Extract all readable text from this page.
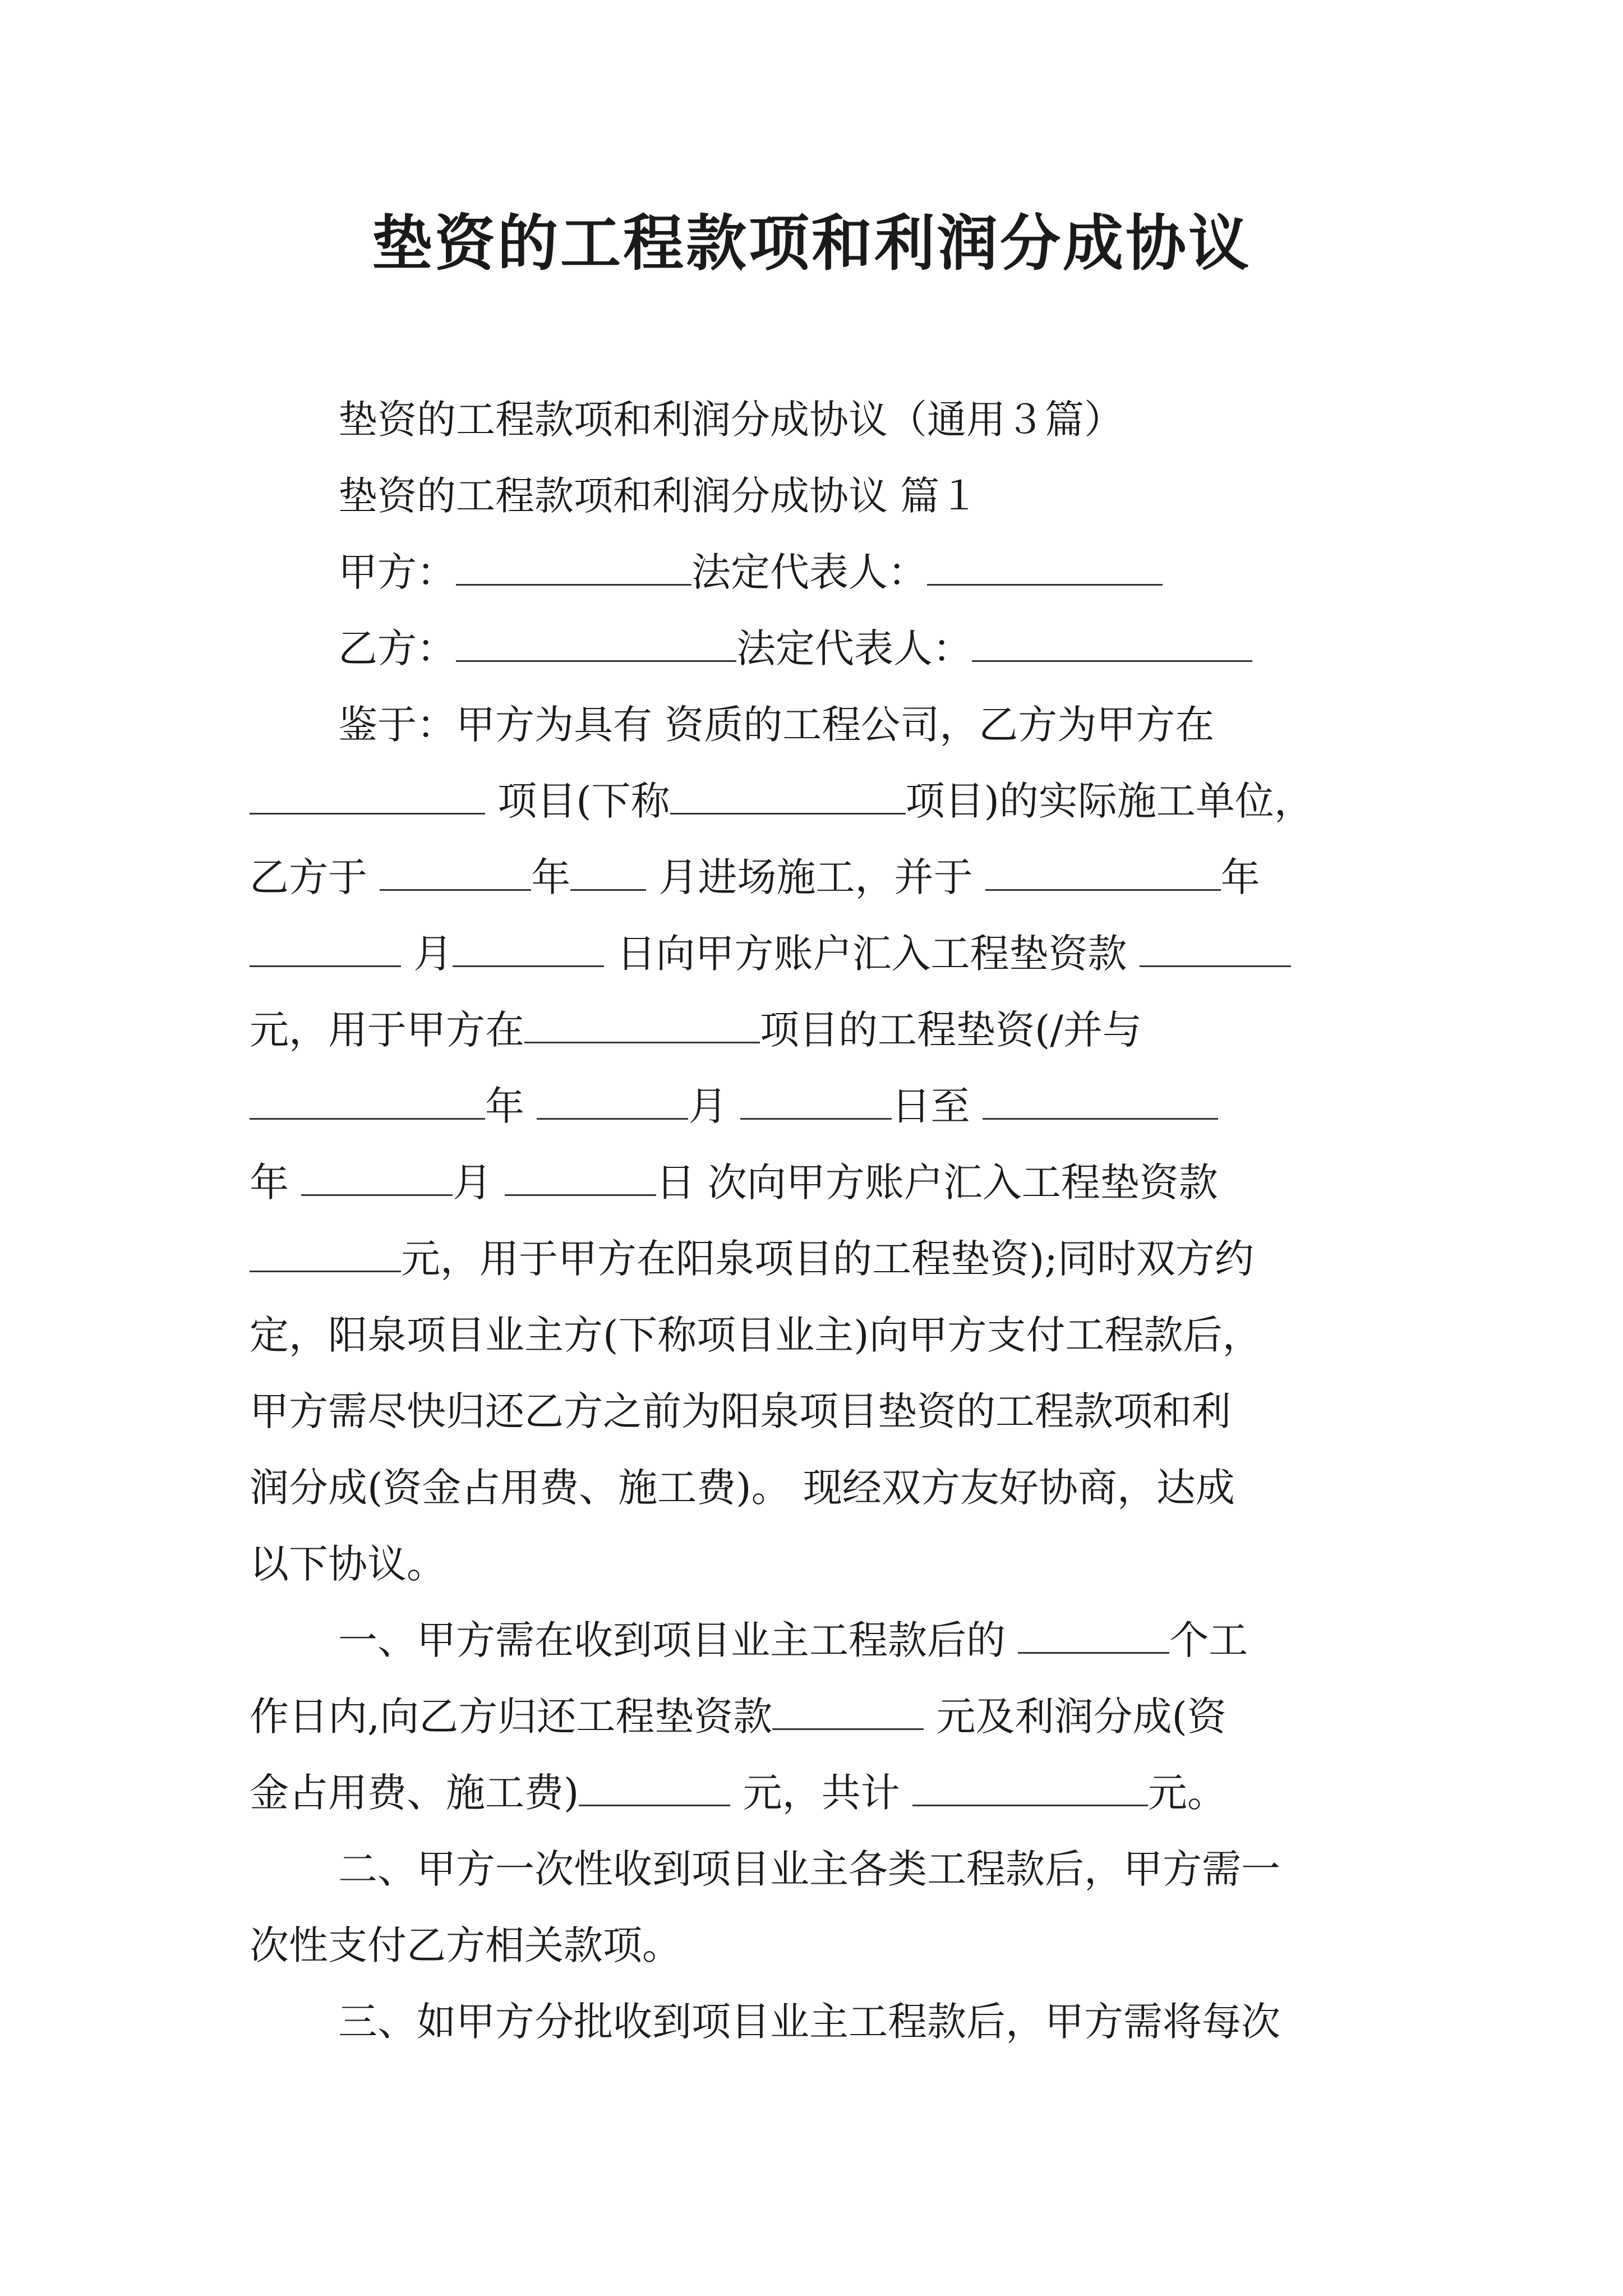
垫资的工程款项和利润分成协议
垫资的工程款项和利润分成协议（通用３篇）
垫资的工程款项和利润分成协议 篇１
甲方：	法定代表人：
乙方：	法定代表人：
鉴于：甲方为具有 资质的工程公司，乙方为甲方在
项目(下称	项目)的实际施工单位，
乙方于	年 月进场施工，并于	年
月	日向甲方账户汇入工程垫资款
元，用于甲方在	项目的工程垫资(/并与
年	月	日至
年	月	日 次向甲方账户汇入工程垫资款
元，用于甲方在阳泉项目的工程垫资);同时双方约
定，阳泉项目业主方(下称项目业主)向甲方支付工程款后，
甲方需尽快归还乙方之前为阳泉项目垫资的工程款项和利
润分成(资金占用费、施工费)。 现经双方友好协商，达成
以下协议。
一、甲方需在收到项目业主工程款后的	个工
作日内,向乙方归还工程垫资款	元及利润分成(资
金占用费、施工费)	元，共计	元。
二、甲方一次性收到项目业主各类工程款后，甲方需一
次性支付乙方相关款项。
三、如甲方分批收到项目业主工程款后，甲方需将每次
